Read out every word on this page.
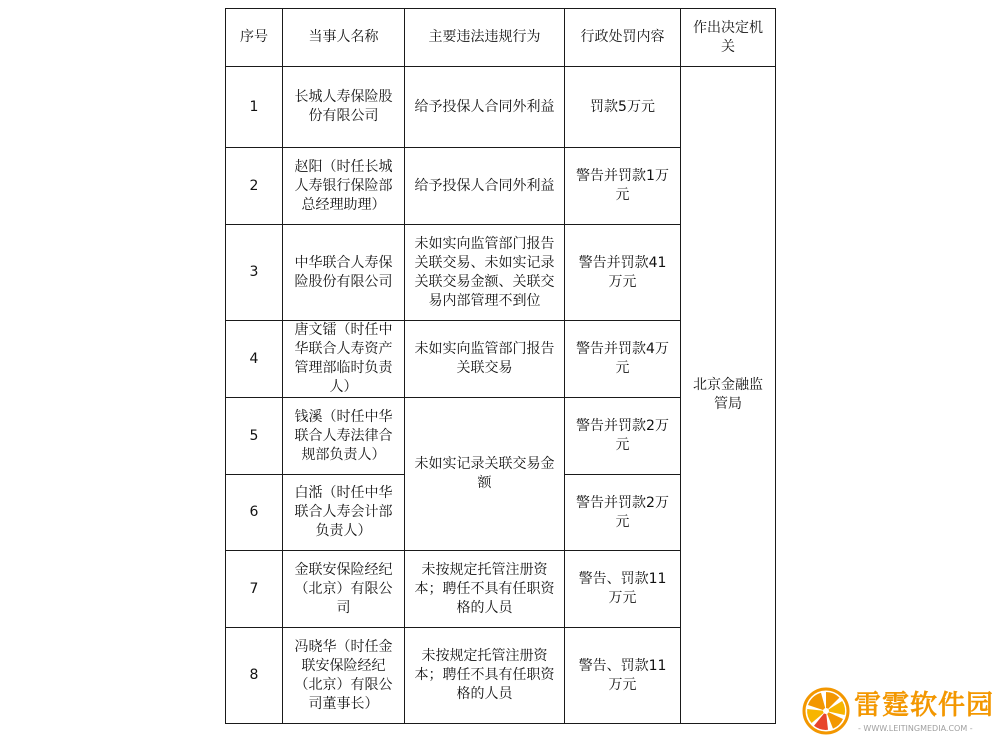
序号	当事人名称	主要违法违规行为	行政处罚内容	作出决定机关
1	长城人寿保险股份有限公司	给予投保人合同外利益	罚款5万元	北京金融监管局
2	赵阳（时任长城人寿银行保险部总经理助理）	给予投保人合同外利益	警告并罚款1万元	
3	中华联合人寿保险股份有限公司	未如实向监管部门报告关联交易、未如实记录关联交易金额、关联交易内部管理不到位	警告并罚款41万元	
4	唐文镭（时任中华联合人寿资产管理部临时负责人）	未如实向监管部门报告关联交易	警告并罚款4万元	
5	钱溪（时任中华联合人寿法律合规部负责人）	未如实记录关联交易金额	警告并罚款2万元	
6	白湉（时任中华联合人寿会计部负责人）		警告并罚款2万元	
7	金联安保险经纪（北京）有限公司	未按规定托管注册资本；聘任不具有任职资格的人员	警告、罚款11万元	
8	冯晓华（时任金联安保险经纪（北京）有限公司董事长）	未按规定托管注册资本；聘任不具有任职资格的人员	警告、罚款11万元	
雷霆软件园
- WWW.LEITINGMEDIA.COM -
